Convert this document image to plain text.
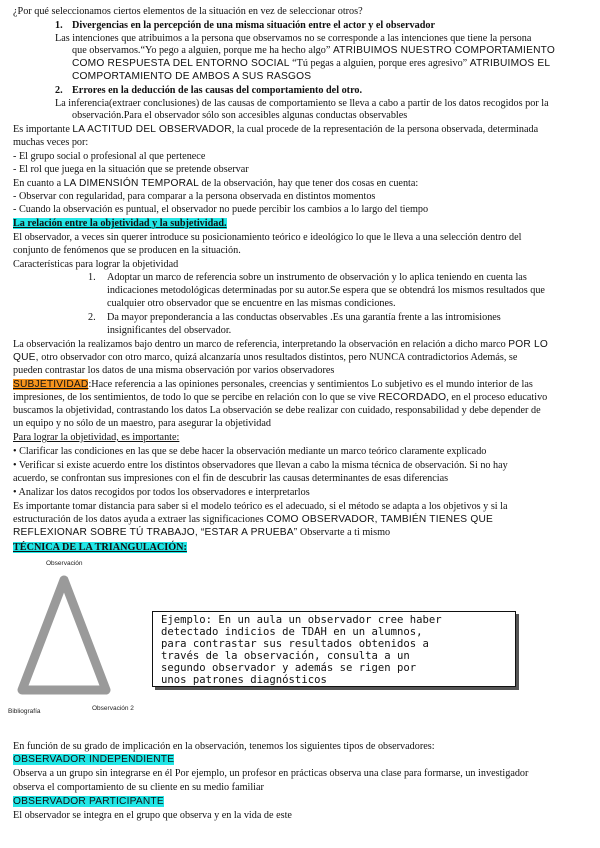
¿Por qué seleccionamos ciertos elementos de la situación en vez de seleccionar otros?
1. Divergencias en la percepción de una misma situación entre el actor y el observador
Las intenciones que atribuimos a la persona que observamos no se corresponde a las intenciones que tiene la persona
que observamos.“Yo pego a alguien, porque me ha hecho algo” ATRIBUIMOS NUESTRO COMPORTAMIENTO
COMO RESPUESTA DEL ENTORNO SOCIAL “Tú pegas a alguien, porque eres agresivo” ATRIBUIMOS EL
COMPORTAMIENTO DE AMBOS A SUS RASGOS
2. Errores en la deducción de las causas del comportamiento del otro.
La inferencia(extraer conclusiones) de las causas de comportamiento se lleva a cabo a partir de los datos recogidos por la
observación.Para el observador sólo son accesibles algunas conductas observables
Es importante LA ACTITUD DEL OBSERVADOR, la cual procede de la representación de la persona observada, determinada
muchas veces por:
- El grupo social o profesional al que pertenece
- El rol que juega en la situación que se pretende observar
En cuanto a LA DIMENSIÓN TEMPORAL de la observación, hay que tener dos cosas en cuenta:
- Observar con regularidad, para comparar a la persona observada en distintos momentos
- Cuando la observación es puntual, el observador no puede percibir los cambios a lo largo del tiempo
La relación entre la objetividad y la subjetividad.
El observador, a veces sin querer introduce su posicionamiento teórico e ideológico lo que le lleva a una selección dentro del
conjunto de fenómenos que se producen en la situación.
Características para lograr la objetividad
1. Adoptar un marco de referencia sobre un instrumento de observación y lo aplica teniendo en cuenta las
indicaciones metodológicas determinadas por su autor.Se espera que se obtendrá los mismos resultados que
cualquier otro observador que se encuentre en las mismas condiciones.
2. Da mayor preponderancia a las conductas observables .Es una garantía frente a las intromisiones
insignificantes del observador.
La observación la realizamos bajo dentro un marco de referencia, interpretando la observación en relación a dicho marco POR LO
QUE, otro observador con otro marco, quizá alcanzaría unos resultados distintos, pero NUNCA contradictorios Además, se
pueden contrastar los datos de una misma observación por varios observadores
SUBJETIVIDAD:Hace referencia a las opiniones personales, creencias y sentimientos Lo subjetivo es el mundo interior de las
impresiones, de los sentimientos, de todo lo que se percibe en relación con lo que se vive RECORDADO, en el proceso educativo
buscamos la objetividad, contrastando los datos La observación se debe realizar con cuidado, responsabilidad y debe depender de
un equipo y no sólo de un maestro, para asegurar la objetividad
Para lograr la objetividad, es importante:
• Clarificar las condiciones en las que se debe hacer la observación mediante un marco teórico claramente explicado
• Verificar si existe acuerdo entre los distintos observadores que llevan a cabo la misma técnica de observación. Si no hay
acuerdo, se confrontan sus impresiones con el fin de descubrir las causas determinantes de esas diferencias
• Analizar los datos recogidos por todos los observadores e interpretarlos
Es importante tomar distancia para saber si el modelo teórico es el adecuado, si el método se adapta a los objetivos y si la
estructuración de los datos ayuda a extraer las significaciones COMO OBSERVADOR, TAMBIÉN TIENES QUE
REFLEXIONAR SOBRE TÚ TRABAJO, “ESTAR A PRUEBA” Observarte a ti mismo
TÉCNICA DE LA TRIANGULACIÓN:
Observación
Bibliografía	Observación 2
Ejemplo: En un aula un observador cree haber
detectado indicios de TDAH en un alumnos,
para contrastar sus resultados obtenidos a
través de la observación, consulta a un
segundo observador y además se rigen por
unos patrones diagnósticos
En función de su grado de implicación en la observación, tenemos los siguientes tipos de observadores:
OBSERVADOR INDEPENDIENTE
Observa a un grupo sin integrarse en él Por ejemplo, un profesor en prácticas observa una clase para formarse, un investigador
observa el comportamiento de su cliente en su medio familiar
OBSERVADOR PARTICIPANTE
El observador se integra en el grupo que observa y en la vida de este
